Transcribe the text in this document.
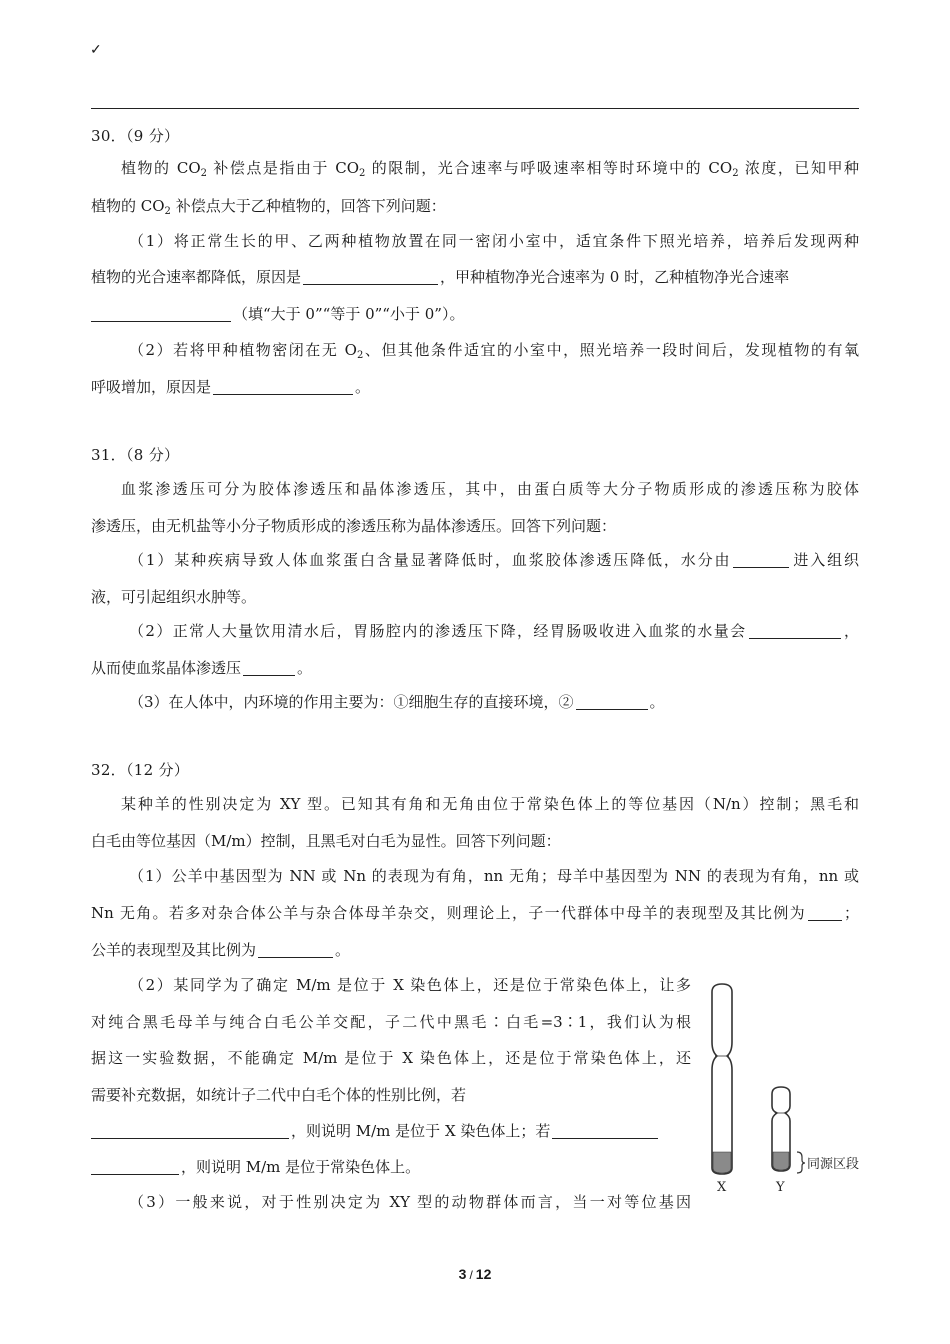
✓
30．（9 分）
植物的 $CO_2$ 补偿点是指由于 $CO_2$ 的限制，光合速率与呼吸速率相等时环境中的 $CO_2$ 浓度，已知甲种
植物的 $CO_2$ 补偿点大于乙种植物的，回答下列问题：
（1）将正常生长的甲、乙两种植物放置在同一密闭小室中，适宜条件下照光培养，培养后发现两种
植物的光合速率都降低，原因是	，甲种植物净光合速率为 0 时，乙种植物净光合速率
（填“大于 0”“等于 0”“小于 0”）。
（2）若将甲种植物密闭在无 $O_2$、但其他条件适宜的小室中，照光培养一段时间后，发现植物的有氧
呼吸增加，原因是	。
31．（8 分）
血浆渗透压可分为胶体渗透压和晶体渗透压，其中，由蛋白质等大分子物质形成的渗透压称为胶体
渗透压，由无机盐等小分子物质形成的渗透压称为晶体渗透压。回答下列问题：
（1）某种疾病导致人体血浆蛋白含量显著降低时，血浆胶体渗透压降低，水分由	进入组织
液，可引起组织水肿等。
（2）正常人大量饮用清水后，胃肠腔内的渗透压下降，经胃肠吸收进入血浆的水量会	，
从而使血浆晶体渗透压	。
（3）在人体中，内环境的作用主要为：①细胞生存的直接环境，②	。
32．（12 分）
某种羊的性别决定为 XY 型。已知其有角和无角由位于常染色体上的等位基因（N/n）控制；黑毛和
白毛由等位基因（M/m）控制，且黑毛对白毛为显性。回答下列问题：
（1）公羊中基因型为 NN 或 Nn 的表现为有角，nn 无角；母羊中基因型为 NN 的表现为有角，nn 或
Nn 无角。若多对杂合体公羊与杂合体母羊杂交，则理论上，子一代群体中母羊的表现型及其比例为	；
公羊的表现型及其比例为	。
（2）某同学为了确定 M/m 是位于 X 染色体上，还是位于常染色体上，让多
对纯合黑毛母羊与纯合白毛公羊交配，子二代中黑毛∶白毛=3∶1，我们认为根
据这一实验数据，不能确定 M/m 是位于 X 染色体上，还是位于常染色体上，还
需要补充数据，如统计子二代中白毛个体的性别比例，若
，则说明 M/m 是位于 X 染色体上；若
，则说明 M/m 是位于常染色体上。
（3）一般来说，对于性别决定为 XY 型的动物群体而言，当一对等位基因
同源区段
X	Y
3 / 12
